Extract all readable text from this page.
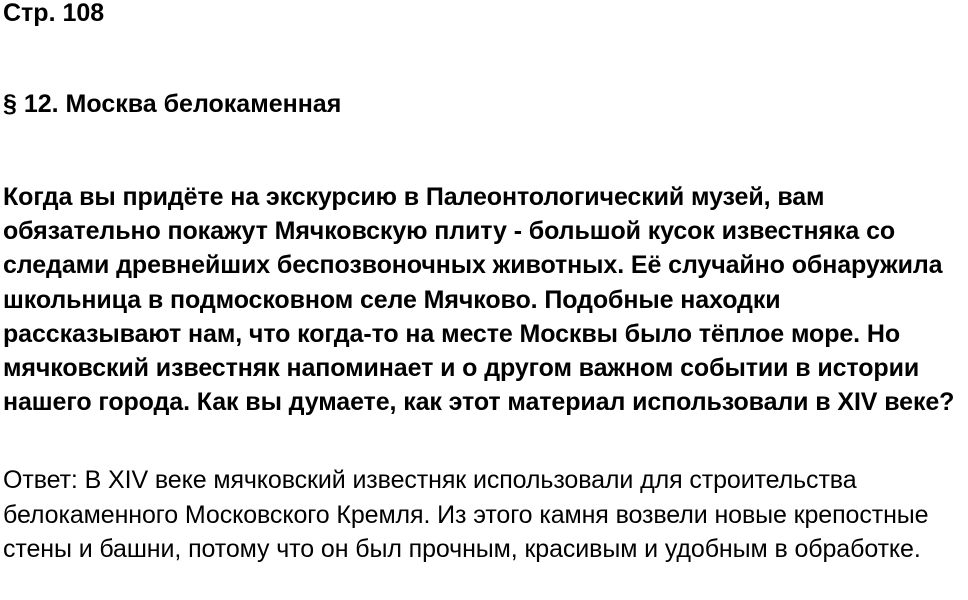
Стр. 108

§ 12. Москва белокаменная

Когда вы придёте на экскурсию в Палеонтологический музей, вам обязательно покажут Мячковскую плиту - большой кусок известняка со следами древнейших беспозвоночных животных. Её случайно обнаружила школьница в подмосковном селе Мячково. Подобные находки рассказывают нам, что когда-то на месте Москвы было тёплое море. Но мячковский известняк напоминает и о другом важном событии в истории нашего города. Как вы думаете, как этот материал использовали в XIV веке?

Ответ: В XIV веке мячковский известняк использовали для строительства белокаменного Московского Кремля. Из этого камня возвели новые крепостные стены и башни, потому что он был прочным, красивым и удобным в обработке.
